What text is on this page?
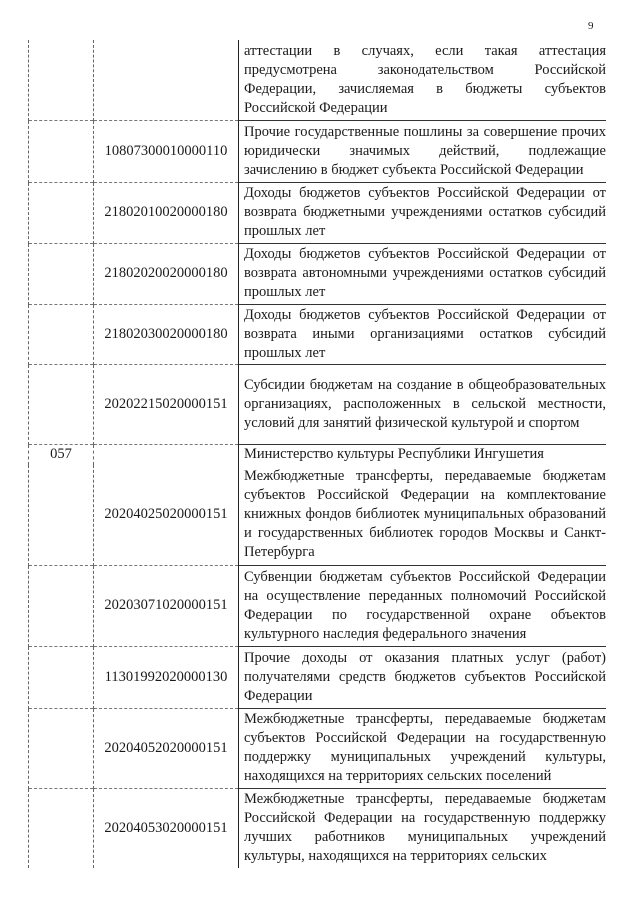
9
		аттестации в случаях, если такая аттестация предусмотрена законодательством Российской Федерации, зачисляемая в бюджеты субъектов Российской Федерации
	10807300010000110	Прочие государственные пошлины за совершение прочих юридически значимых действий, подлежащие зачислению в бюджет субъекта Российской Федерации
	21802010020000180	Доходы бюджетов субъектов Российской Федерации от возврата бюджетными учреждениями остатков субсидий прошлых лет
	21802020020000180	Доходы бюджетов субъектов Российской Федерации от возврата автономными учреждениями остатков субсидий прошлых лет
	21802030020000180	Доходы бюджетов субъектов Российской Федерации от возврата иными организациями остатков субсидий прошлых лет
	20202215020000151	Субсидии бюджетам на создание в общеобразовательных организациях, расположенных в сельской местности, условий для занятий физической культурой и спортом
057		Министерство культуры Республики Ингушетия
	20204025020000151	Межбюджетные трансферты, передаваемые бюджетам субъектов Российской Федерации на комплектование книжных фондов библиотек муниципальных образований и государственных библиотек городов Москвы и Санкт-Петербурга
	20203071020000151	Субвенции бюджетам субъектов Российской Федерации на осуществление переданных полномочий Российской Федерации по государственной охране объектов культурного наследия федерального значения
	11301992020000130	Прочие доходы от оказания платных услуг (работ) получателями средств бюджетов субъектов Российской Федерации
	20204052020000151	Межбюджетные трансферты, передаваемые бюджетам субъектов Российской Федерации на государственную поддержку муниципальных учреждений культуры, находящихся на территориях сельских поселений
	20204053020000151	Межбюджетные трансферты, передаваемые бюджетам Российской Федерации на государственную поддержку лучших работников муниципальных учреждений культуры, находящихся на территориях сельских
